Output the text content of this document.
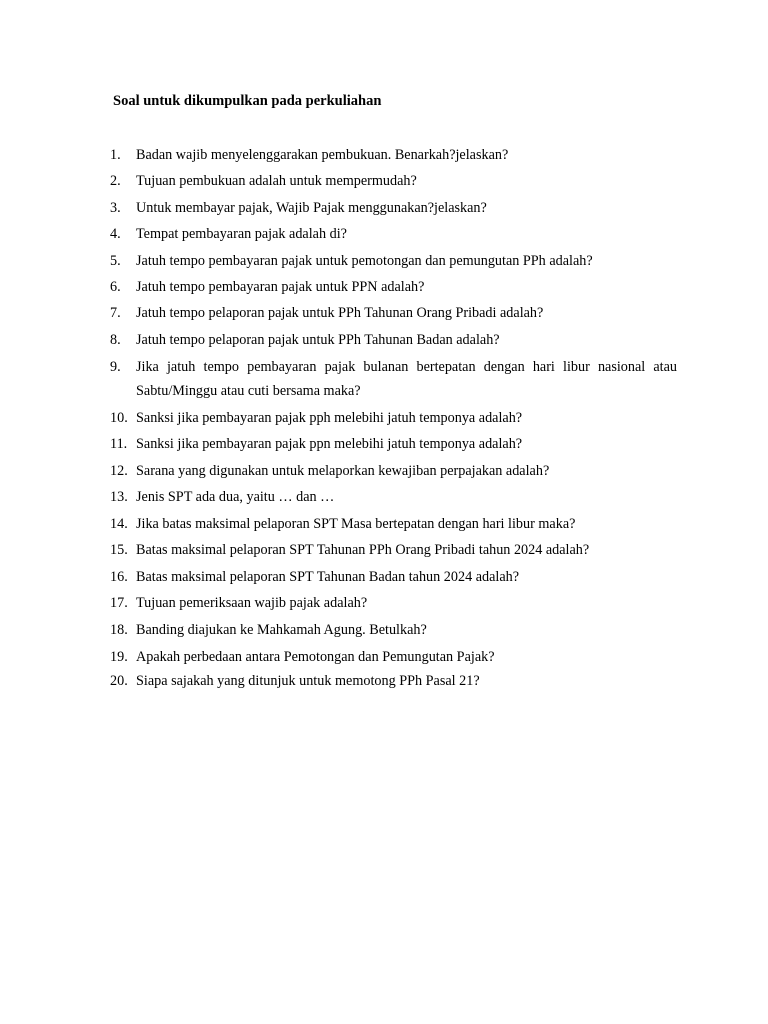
Soal untuk dikumpulkan pada perkuliahan
1.	Badan wajib menyelenggarakan pembukuan. Benarkah?jelaskan?
2.	Tujuan pembukuan adalah untuk mempermudah?
3.	Untuk membayar pajak, Wajib Pajak menggunakan?jelaskan?
4.	Tempat pembayaran pajak adalah di?
5.	Jatuh tempo pembayaran pajak untuk pemotongan dan pemungutan PPh adalah?
6.	Jatuh tempo pembayaran pajak untuk PPN adalah?
7.	Jatuh tempo pelaporan pajak untuk PPh Tahunan Orang Pribadi adalah?
8.	Jatuh tempo pelaporan pajak untuk PPh Tahunan Badan adalah?
9.	Jika jatuh tempo pembayaran pajak bulanan bertepatan dengan hari libur nasional atau Sabtu/Minggu atau cuti bersama maka?
10. Sanksi jika pembayaran pajak pph melebihi jatuh temponya adalah?
11. Sanksi jika pembayaran pajak ppn melebihi jatuh temponya adalah?
12. Sarana yang digunakan untuk melaporkan kewajiban perpajakan adalah?
13. Jenis SPT ada dua, yaitu … dan …
14. Jika batas maksimal pelaporan SPT Masa bertepatan dengan hari libur maka?
15. Batas maksimal pelaporan SPT Tahunan PPh Orang Pribadi tahun 2024 adalah?
16. Batas maksimal pelaporan SPT Tahunan Badan tahun 2024 adalah?
17. Tujuan pemeriksaan wajib pajak adalah?
18. Banding diajukan ke Mahkamah Agung. Betulkah?
19. Apakah perbedaan antara Pemotongan dan Pemungutan Pajak?
20. Siapa sajakah yang ditunjuk untuk memotong PPh Pasal 21?
